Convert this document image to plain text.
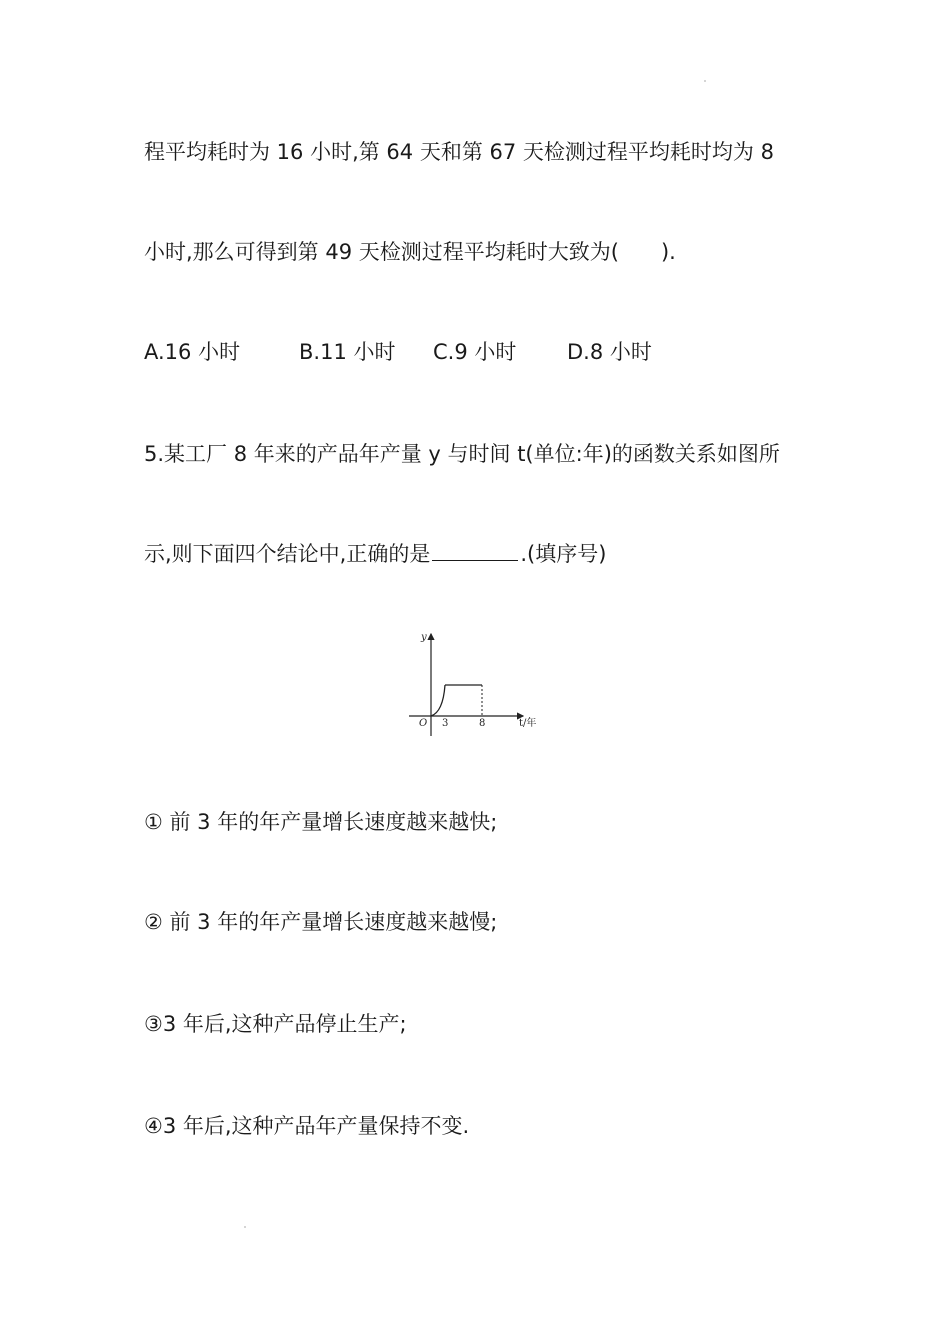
程平均耗时为 16 小时,第 64 天和第 67 天检测过程平均耗时均为 8
小时,那么可得到第 49 天检测过程平均耗时大致为(　　).
A.16 小时	B.11 小时	C.9 小时	D.8 小时
5.某工厂 8 年来的产品年产量 y 与时间 t(单位:年)的函数关系如图所
示,则下面四个结论中,正确的是	.(填序号)
y
O 3	8	t/年
① 前 3 年的年产量增长速度越来越快;
② 前 3 年的年产量增长速度越来越慢;
③3 年后,这种产品停止生产;
④3 年后,这种产品年产量保持不变.
